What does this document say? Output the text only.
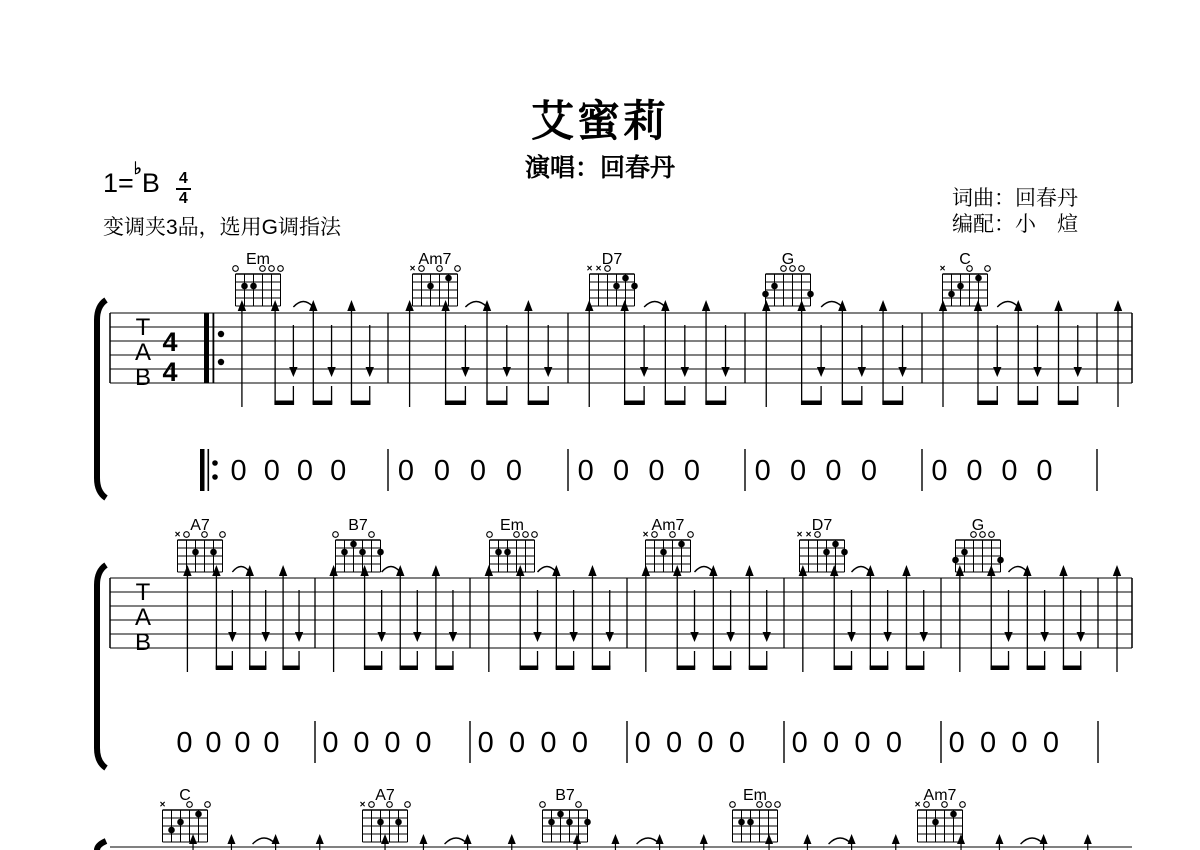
艾蜜莉
演唱：回春丹
1= ♭ B $\frac{4}{4}$
变调夹3品，选用G调指法
词曲：回春丹
编配：小　煊
T
A
B
4
4
Em	Am7
×
D7
× ×
G	C
×
0 0 0 0 0 0 0 0 0 0 0 0 0 0 0 0 0 0 0 0
T
A
B
A7
×
B7	Em	Am7
×
D7
× ×
G
0 0 0 0 0 0 0 0 0 0 0 0 0 0 0 0 0 0 0 0 0 0 0 0
C
×
A7
×
B7	Em	Am7
×
